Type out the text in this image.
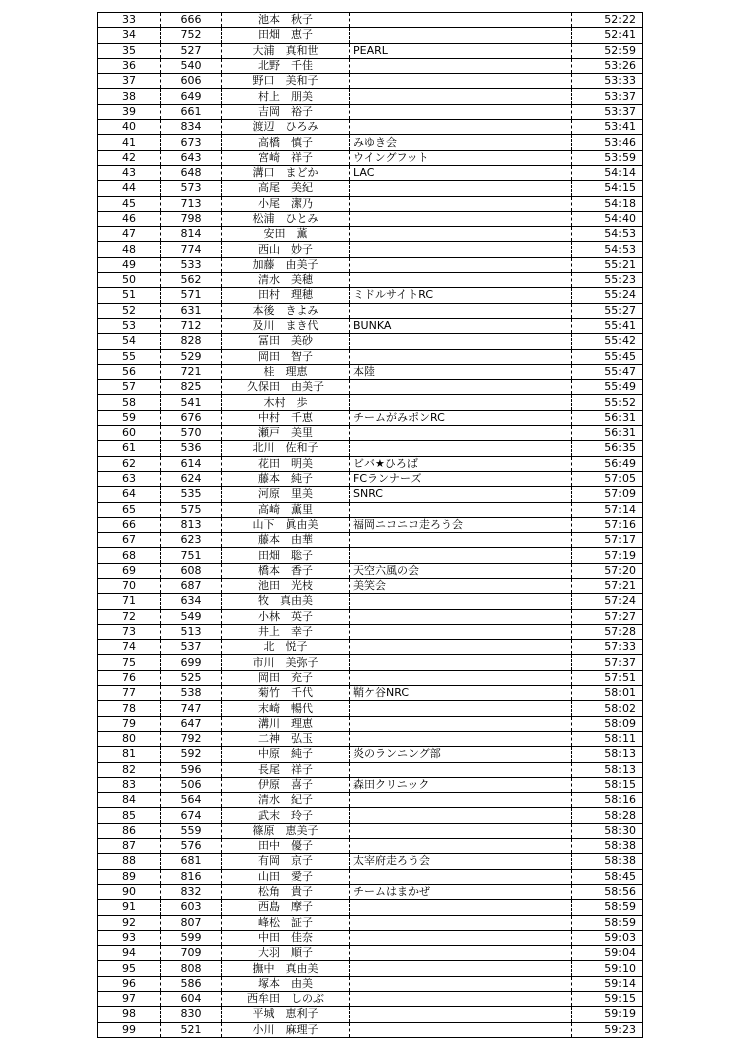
33	666	池本　秋子		52:22
34	752	田畑　恵子		52:41
35	527	大浦　真和世	PEARL	52:59
36	540	北野　千佳		53:26
37	606	野口　美和子		53:33
38	649	村上　朋美		53:37
39	661	吉岡　裕子		53:37
40	834	渡辺　ひろみ		53:41
41	673	高橋　慎子	みゆき会	53:46
42	643	宮崎　祥子	ウイングフット	53:59
43	648	溝口　まどか	LAC	54:14
44	573	高尾　美紀		54:15
45	713	小尾　潔乃		54:18
46	798	松浦　ひとみ		54:40
47	814	安田　薫		54:53
48	774	西山　妙子		54:53
49	533	加藤　由美子		55:21
50	562	清水　美穂		55:23
51	571	田村　理穂	ミドルサイトRC	55:24
52	631	本後　きよみ		55:27
53	712	及川　まき代	BUNKA	55:41
54	828	冨田　美砂		55:42
55	529	岡田　智子		55:45
56	721	桂　理恵	本陸	55:47
57	825	久保田　由美子		55:49
58	541	木村　歩		55:52
59	676	中村　千恵	チームがみポンRC	56:31
60	570	瀬戸　美里		56:31
61	536	北川　佐和子		56:35
62	614	花田　明美	ビバ★ひろば	56:49
63	624	藤本　純子	FCランナーズ	57:05
64	535	河原　里美	SNRC	57:09
65	575	高崎　薫里		57:14
66	813	山下　眞由美	福岡ニコニコ走ろう会	57:16
67	623	藤本　由華		57:17
68	751	田畑　聡子		57:19
69	608	橋本　香子	天空六風の会	57:20
70	687	池田　光枝	美笑会	57:21
71	634	牧　真由美		57:24
72	549	小林　英子		57:27
73	513	井上　幸子		57:28
74	537	北　悦子		57:33
75	699	市川　美弥子		57:37
76	525	岡田　充子		57:51
77	538	菊竹　千代	鞘ケ谷NRC	58:01
78	747	末崎　暢代		58:02
79	647	溝川　理恵		58:09
80	792	二神　弘玉		58:11
81	592	中原　純子	炎のランニング部	58:13
82	596	長尾　祥子		58:13
83	506	伊原　喜子	森田クリニック	58:15
84	564	清水　紀子		58:16
85	674	武末　玲子		58:28
86	559	篠原　恵美子		58:30
87	576	田中　優子		58:38
88	681	有岡　京子	太宰府走ろう会	58:38
89	816	山田　愛子		58:45
90	832	松角　貴子	チームはまかぜ	58:56
91	603	西島　摩子		58:59
92	807	峰松　証子		58:59
93	599	中田　佳奈		59:03
94	709	大羽　順子		59:04
95	808	撫中　真由美		59:10
96	586	塚本　由美		59:14
97	604	西牟田　しのぶ		59:15
98	830	平城　恵利子		59:19
99	521	小川　麻理子		59:23
